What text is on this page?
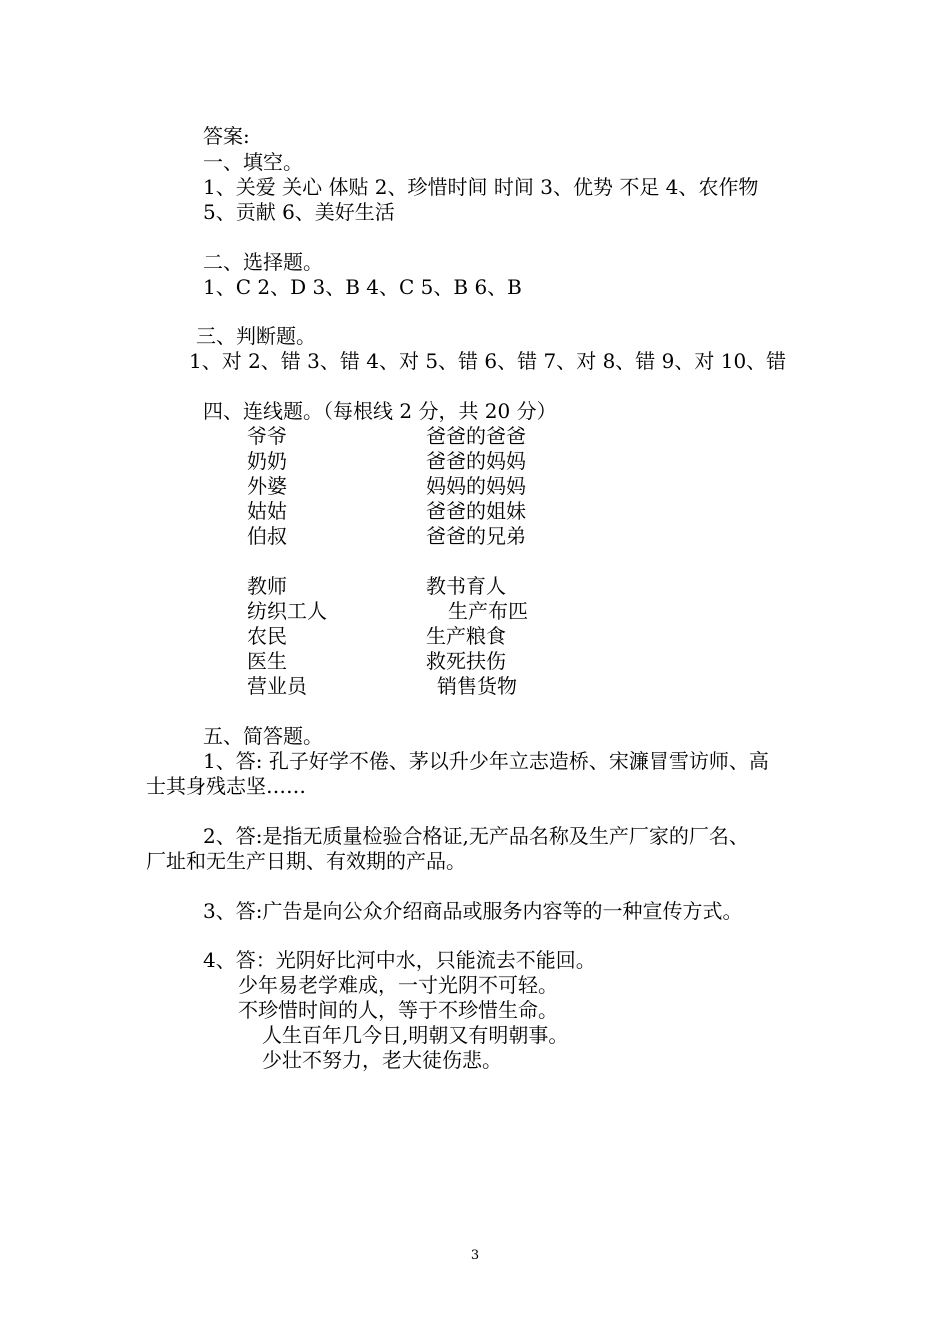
答案:
一、填空。
1、关爱 关心 体贴 2、珍惜时间 时间 3、优势 不足 4、农作物
5、贡献 6、美好生活
二、选择题。
1、C 2、D 3、B 4、C 5、B 6、B
三、判断题。
1、对 2、错 3、错 4、对 5、错 6、错 7、对 8、错 9、对 10、错
四、连线题。（每根线 2 分，共 20 分）
爷爷	爸爸的爸爸
奶奶	爸爸的妈妈
外婆	妈妈的妈妈
姑姑	爸爸的姐妹
伯叔	爸爸的兄弟
教师	教书育人
纺织工人	生产布匹
农民	生产粮食
医生	救死扶伤
营业员	销售货物
五、简答题。
1、答: 孔子好学不倦、茅以升少年立志造桥、宋濂冒雪访师、高
士其身残志坚……
2、答:是指无质量检验合格证,无产品名称及生产厂家的厂名、
厂址和无生产日期、有效期的产品。
3、答:广告是向公众介绍商品或服务内容等的一种宣传方式。
4、答：光阴好比河中水，只能流去不能回。
少年易老学难成，一寸光阴不可轻。
不珍惜时间的人，等于不珍惜生命。
人生百年几今日,明朝又有明朝事。
少壮不努力，老大徒伤悲。
3
